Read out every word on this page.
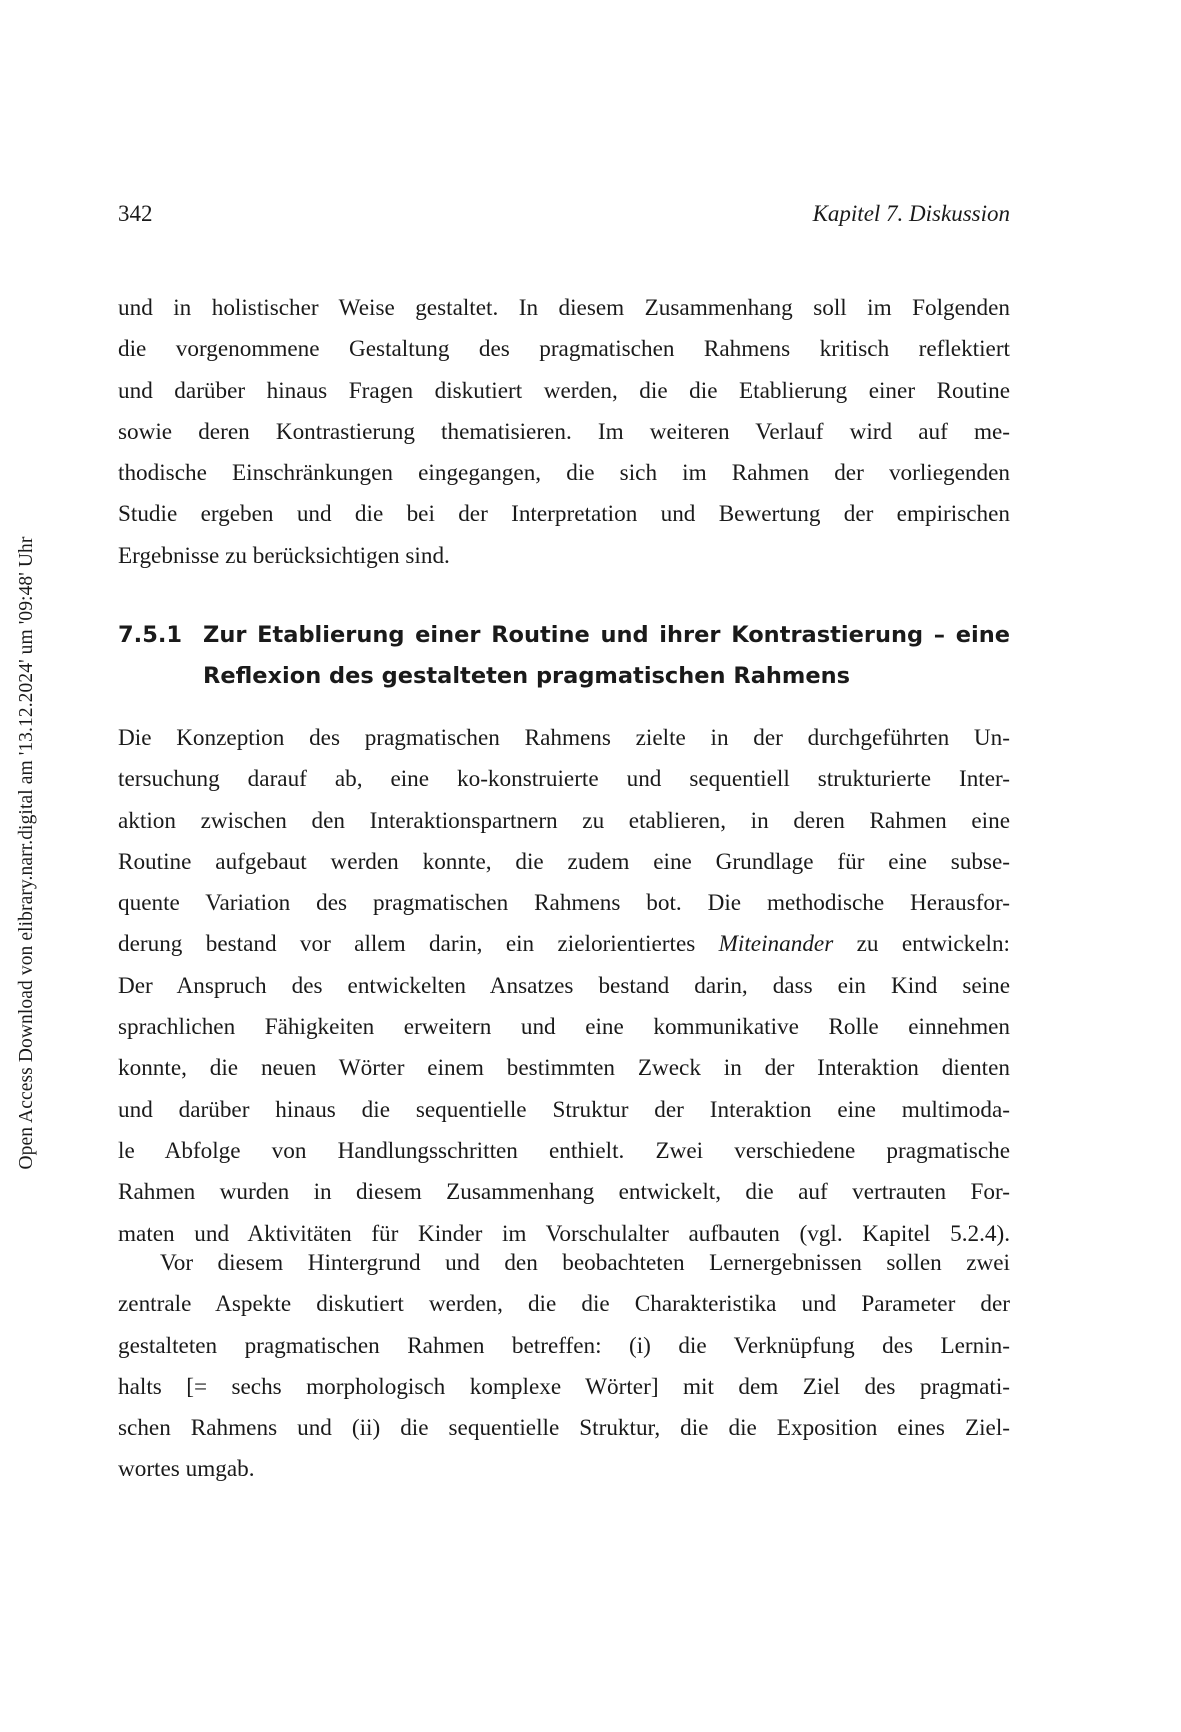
Open Access Download von elibrary.narr.digital am '13.12.2024' um '09:48' Uhr
342	Kapitel 7. Diskussion
und in holistischer Weise gestaltet. In diesem Zusammenhang soll im Folgenden
die vorgenommene Gestaltung des pragmatischen Rahmens kritisch reflektiert
und darüber hinaus Fragen diskutiert werden, die die Etablierung einer Routine
sowie deren Kontrastierung thematisieren. Im weiteren Verlauf wird auf me-
thodische Einschränkungen eingegangen, die sich im Rahmen der vorliegenden
Studie ergeben und die bei der Interpretation und Bewertung der empirischen
Ergebnisse zu berücksichtigen sind.
7.5.1 Zur Etablierung einer Routine und ihrer Kontrastierung – eine
Reflexion des gestalteten pragmatischen Rahmens
Die Konzeption des pragmatischen Rahmens zielte in der durchgeführten Un-
tersuchung darauf ab, eine ko-konstruierte und sequentiell strukturierte Inter-
aktion zwischen den Interaktionspartnern zu etablieren, in deren Rahmen eine
Routine aufgebaut werden konnte, die zudem eine Grundlage für eine subse-
quente Variation des pragmatischen Rahmens bot. Die methodische Herausfor-
derung bestand vor allem darin, ein zielorientiertes Miteinander zu entwickeln:
Der Anspruch des entwickelten Ansatzes bestand darin, dass ein Kind seine
sprachlichen Fähigkeiten erweitern und eine kommunikative Rolle einnehmen
konnte, die neuen Wörter einem bestimmten Zweck in der Interaktion dienten
und darüber hinaus die sequentielle Struktur der Interaktion eine multimoda-
le Abfolge von Handlungsschritten enthielt. Zwei verschiedene pragmatische
Rahmen wurden in diesem Zusammenhang entwickelt, die auf vertrauten For-
maten und Aktivitäten für Kinder im Vorschulalter aufbauten (vgl. Kapitel 5.2.4).
Vor diesem Hintergrund und den beobachteten Lernergebnissen sollen zwei
zentrale Aspekte diskutiert werden, die die Charakteristika und Parameter der
gestalteten pragmatischen Rahmen betreffen: (i) die Verknüpfung des Lernin-
halts [= sechs morphologisch komplexe Wörter] mit dem Ziel des pragmati-
schen Rahmens und (ii) die sequentielle Struktur, die die Exposition eines Ziel-
wortes umgab.
